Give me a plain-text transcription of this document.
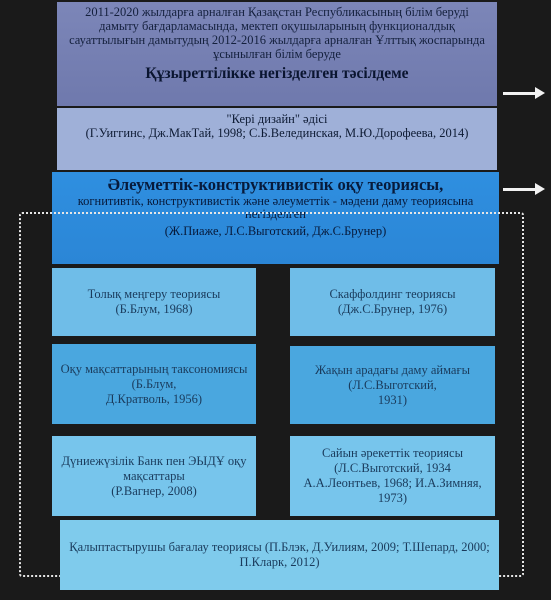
2011-2020 жылдарға арналған Қазақстан Республикасының білім беруді дамыту бағдарламасында, мектеп оқушыларының функционалдық сауаттылығын дамытудың 2012-2016 жылдарға арналған Ұлттық жоспарында ұсынылған білім беруде
Құзыреттілікке негізделген тәсілдеме
"Кері дизайн" әдісі
(Г.Уиггинс, Дж.МакТай, 1998; С.Б.Велединская, М.Ю.Дорофеева, 2014)
Әлеуметтік-конструктивистік оқу теориясы,
когнитивтік, конструктивистік және әлеуметтік - мәдени даму теориясына негізделген
(Ж.Пиаже, Л.С.Выготский, Дж.С.Брунер)
Толық меңгеру теориясы
(Б.Блум, 1968)
Скаффолдинг теориясы
(Дж.С.Брунер, 1976)
Оқу мақсаттарының таксономиясы (Б.Блум,
Д.Кратволь, 1956)
Жақын арадағы даму аймағы (Л.С.Выготский,
1931)
Дүниежүзілік Банк пен ЭЫДҰ оқу мақсаттары
(Р.Вагнер, 2008)
Сайын әрекеттік теориясы (Л.С.Выготский, 1934
А.А.Леонтьев, 1968; И.А.Зимняя, 1973)
Қалыптастырушы бағалау теориясы (П.Блэк, Д.Уилиям, 2009; Т.Шепард, 2000; П.Кларк, 2012)
